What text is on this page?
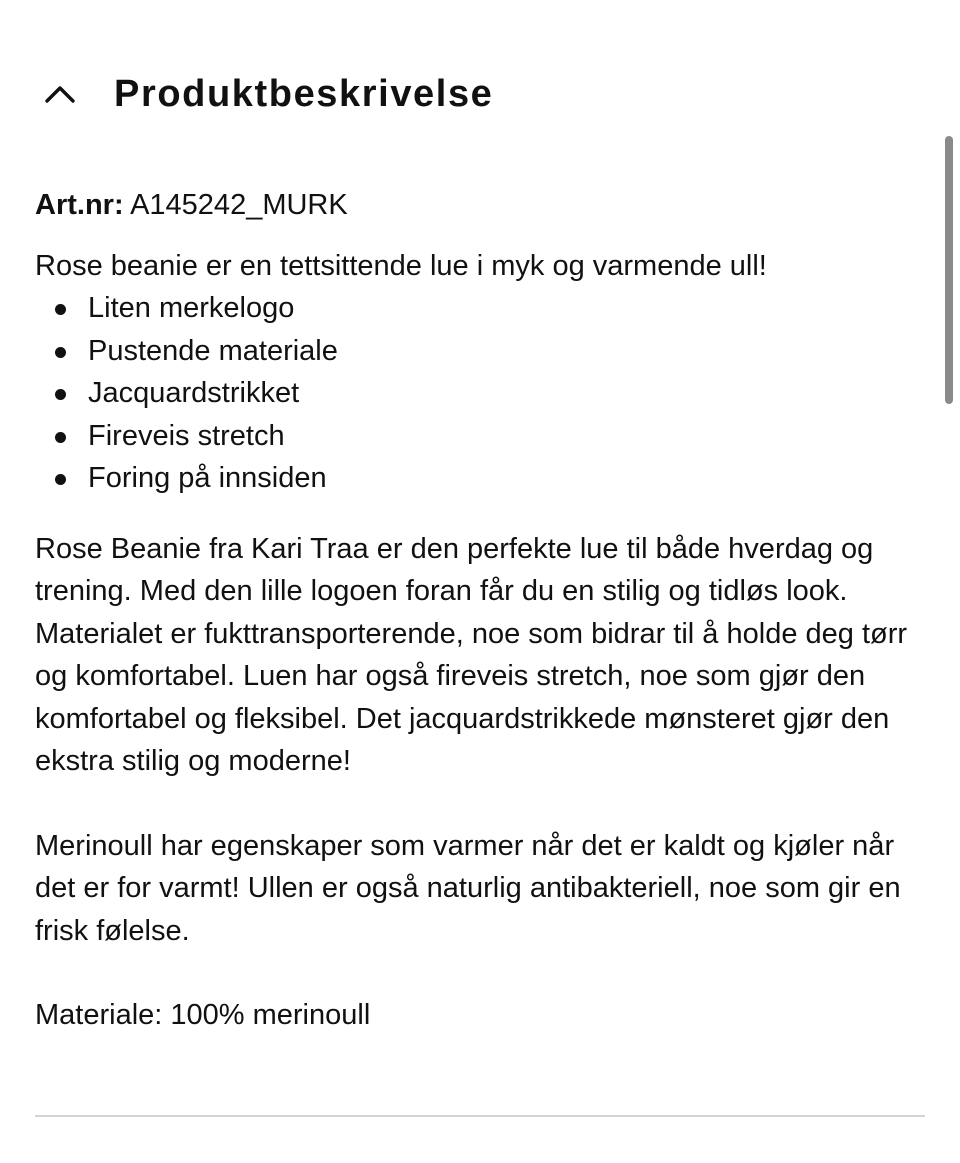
Produktbeskrivelse
Art.nr: A145242_MURK

Rose beanie er en tettsittende lue i myk og varmende ull!

Liten merkelogo
Pustende materiale
Jacquardstrikket
Fireveis stretch
Foring på innsiden

Rose Beanie fra Kari Traa er den perfekte lue til både hverdag og trening. Med den lille logoen foran får du en stilig og tidløs look. Materialet er fukttransporterende, noe som bidrar til å holde deg tørr og komfortabel. Luen har også fireveis stretch, noe som gjør den komfortabel og fleksibel. Det jacquardstrikkede mønsteret gjør den ekstra stilig og moderne!

Merinoull har egenskaper som varmer når det er kaldt og kjøler når det er for varmt! Ullen er også naturlig antibakteriell, noe som gir en frisk følelse.

Materiale: 100% merinoull
